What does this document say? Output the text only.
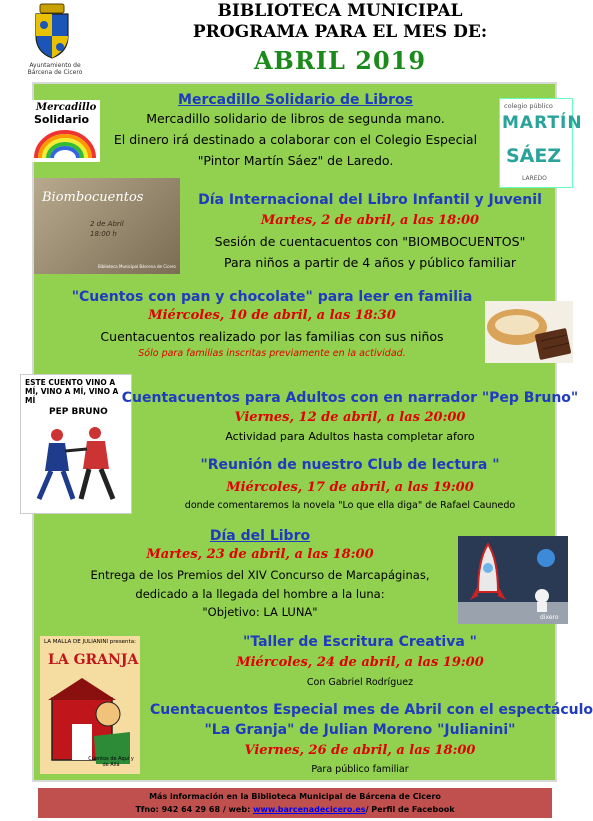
Ayuntamiento de
Bárcena de Cicero
BIBLIOTECA MUNICIPAL
PROGRAMA PARA EL MES DE:
ABRIL 2019
Mercadillo
Solidario
colegio público
MARTÍN
SÁEZ
LAREDO
Biombocuentos
2 de Abril
18:00 h
Biblioteca Municipal Bárcena de Cicero
ESTE CUENTO VINO A MÍ, VINO A MÍ, VINO A MÍ
PEP BRUNO
dixero
LA MALLA DE JULIANINI presenta:
LA GRANJA
Cuentos de Aquí y de Allá
Mercadillo Solidario de Libros
Mercadillo solidario de libros de segunda mano.
El dinero irá destinado a colaborar con el Colegio Especial
"Pintor Martín Sáez" de Laredo.
Día Internacional del Libro Infantil y Juvenil
Martes, 2 de abril, a las 18:00
Sesión de cuentacuentos con "BIOMBOCUENTOS"
Para niños a partir de 4 años y público familiar
"Cuentos con pan y chocolate" para leer en familia
Miércoles, 10 de abril, a las 18:30
Cuentacuentos realizado por las familias con sus niños
Sólo para familias inscritas previamente en la actividad.
Cuentacuentos para Adultos con en narrador "Pep Bruno"
Viernes, 12 de abril, a las 20:00
Actividad para Adultos hasta completar aforo
"Reunión de nuestro Club de lectura "
Miércoles, 17 de abril, a las 19:00
donde comentaremos la novela "Lo que ella diga" de Rafael Caunedo
Día del Libro
Martes, 23 de abril, a las 18:00
Entrega de los Premios del XIV Concurso de Marcapáginas,
dedicado a la llegada del hombre a la luna:
"Objetivo: LA LUNA"
"Taller de Escritura Creativa "
Miércoles, 24 de abril, a las 19:00
Con Gabriel Rodríguez
Cuentacuentos Especial mes de Abril con el espectáculo
"La Granja" de Julian Moreno "Julianini"
Viernes, 26 de abril, a las 18:00
Para público familiar
Más información en la Biblioteca Municipal de Bárcena de Cicero
Tfno: 942 64 29 68 / web: www.barcenadecicero.es/ Perfil de Facebook
